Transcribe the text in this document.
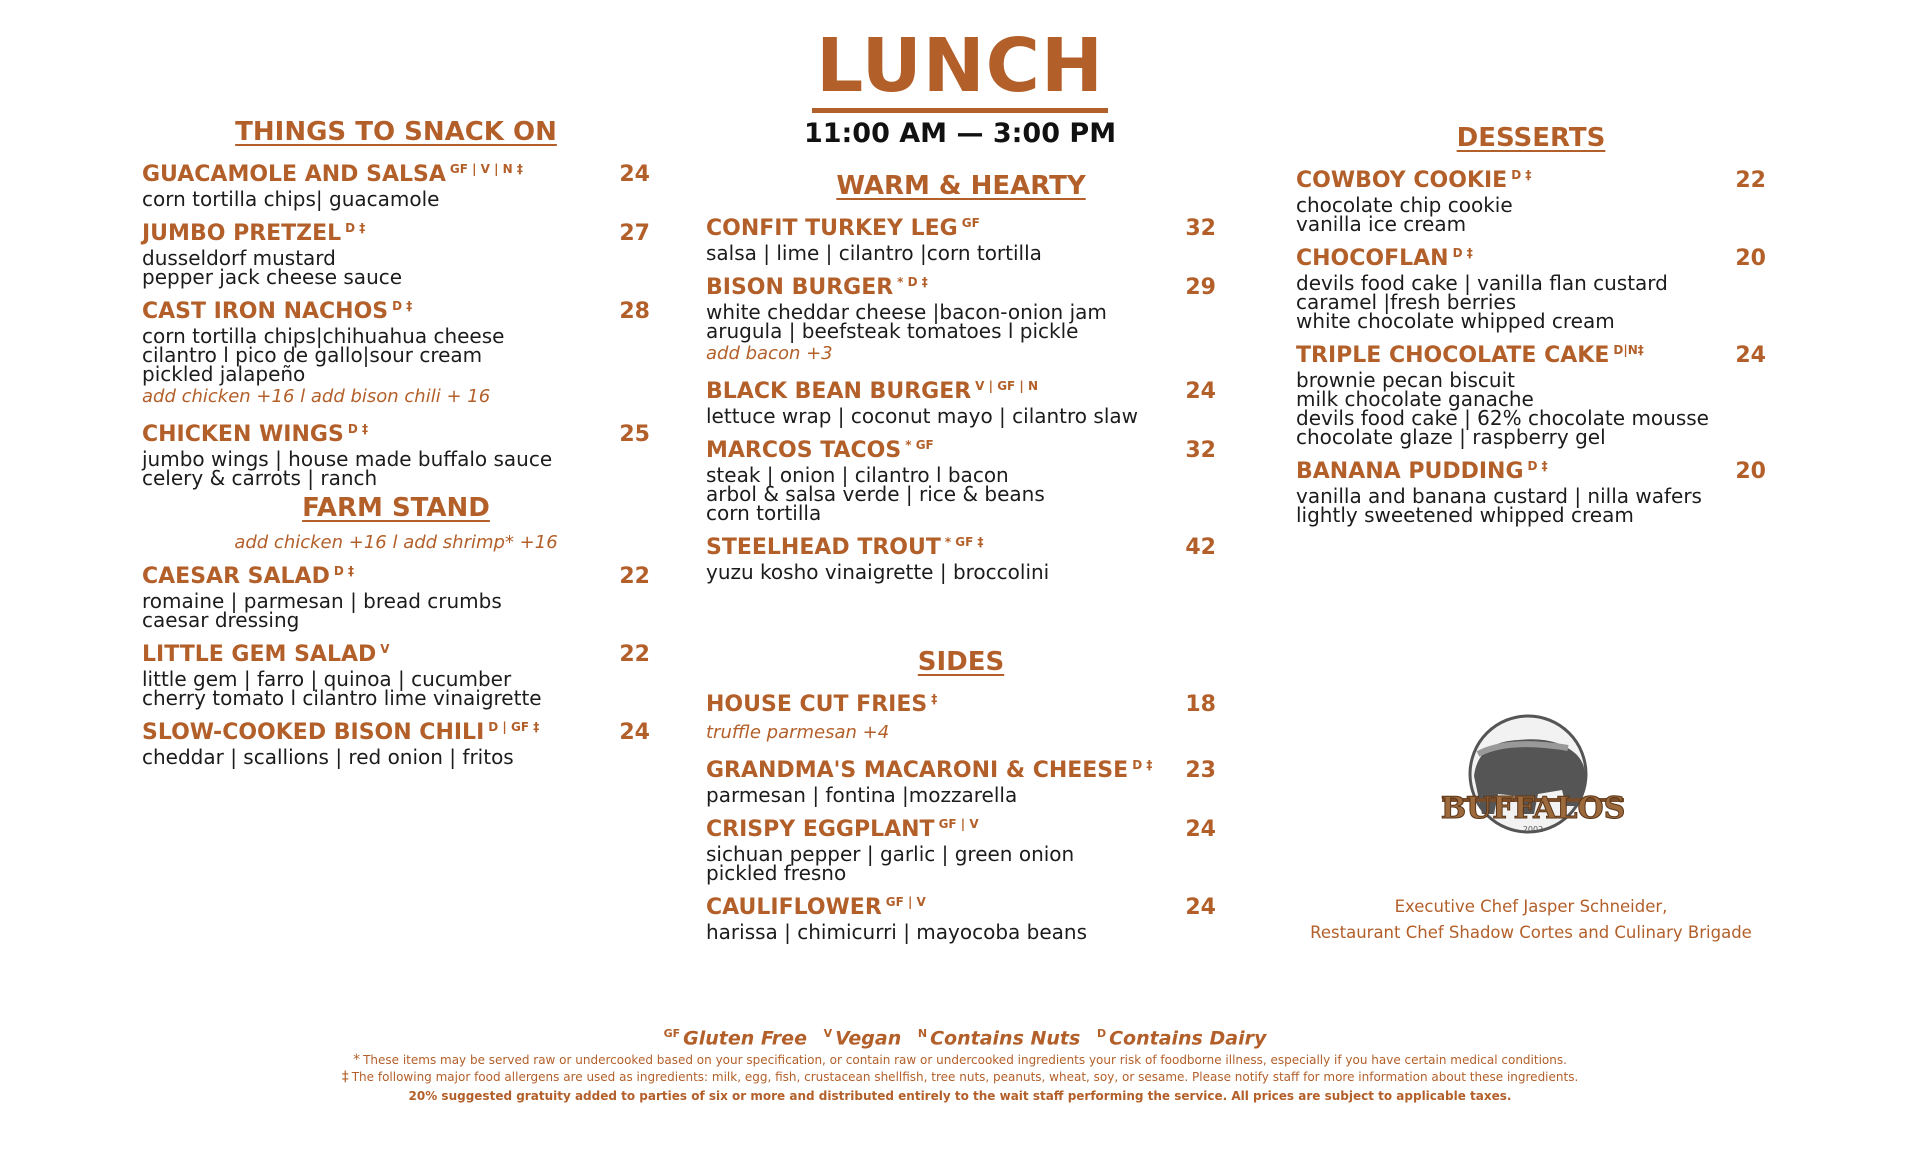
LUNCH
11:00 AM — 3:00 PM
THINGS TO SNACK ON
GUACAMOLE AND SALSA $^{GF | V | N \ddagger}$	24
corn tortilla chips| guacamole
JUMBO PRETZEL $^{D \ddagger}$	27
dusseldorf mustard
pepper jack cheese sauce
CAST IRON NACHOS $^{D \ddagger}$	28
corn tortilla chips|chihuahua cheese
cilantro l pico de gallo|sour cream
pickled jalapeño
add chicken +16 l add bison chili + 16
CHICKEN WINGS $^{D \ddagger}$	25
jumbo wings | house made buffalo sauce
celery & carrots | ranch
FARM STAND
add chicken +16 l add shrimp* +16
CAESAR SALAD $^{D \ddagger}$	22
romaine | parmesan | bread crumbs
caesar dressing
LITTLE GEM SALAD $^V$	22
little gem | farro | quinoa | cucumber
cherry tomato l cilantro lime vinaigrette
SLOW-COOKED BISON CHILI $^{D | GF \ddagger}$	24
cheddar | scallions | red onion | fritos
WARM & HEARTY
CONFIT TURKEY LEG $^{GF}$	32
salsa | lime | cilantro |corn tortilla
BISON BURGER $^{* D \ddagger}$	29
white cheddar cheese |bacon-onion jam
arugula | beefsteak tomatoes l pickle
add bacon +3
BLACK BEAN BURGER $^{V | GF | N}$	24
lettuce wrap | coconut mayo | cilantro slaw
MARCOS TACOS $^{* GF}$	32
steak | onion | cilantro l bacon
arbol & salsa verde | rice & beans
corn tortilla
STEELHEAD TROUT $^{* GF \ddagger}$	42
yuzu kosho vinaigrette | broccolini
SIDES
HOUSE CUT FRIES ‡	18
truffle parmesan +4
GRANDMA'S MACARONI & CHEESE $^{D \ddagger}$ 23
parmesan | fontina |mozzarella
CRISPY EGGPLANT $^{GF | V}$	24
sichuan pepper | garlic | green onion
pickled fresno
CAULIFLOWER $^{GF | V}$	24
harissa | chimicurri | mayocoba beans
DESSERTS
COWBOY COOKIE $^{D \ddagger}$	22
chocolate chip cookie
vanilla ice cream
CHOCOFLAN $^{D \ddagger}$	20
devils food cake | vanilla flan custard
caramel |fresh berries
white chocolate whipped cream
TRIPLE CHOCOLATE CAKE $^{D|N\ddagger}$	24
brownie pecan biscuit
milk chocolate ganache
devils food cake | 62% chocolate mousse
chocolate glaze | raspberry gel
BANANA PUDDING $^{D \ddagger}$	20
vanilla and banana custard | nilla wafers
lightly sweetened whipped cream
BUFFALOS
2002
Executive Chef Jasper Schneider,
Restaurant Chef Shadow Cortes and Culinary Brigade
$^{GF}$ Gluten Free $^V$ Vegan $^N$ Contains Nuts $^D$ Contains Dairy
* These items may be served raw or undercooked based on your specification, or contain raw or undercooked ingredients your risk of foodborne illness, especially if you have certain medical conditions.
‡ The following major food allergens are used as ingredients: milk, egg, fish, crustacean shellfish, tree nuts, peanuts, wheat, soy, or sesame. Please notify staff for more information about these ingredients.
20% suggested gratuity added to parties of six or more and distributed entirely to the wait staff performing the service. All prices are subject to applicable taxes.
